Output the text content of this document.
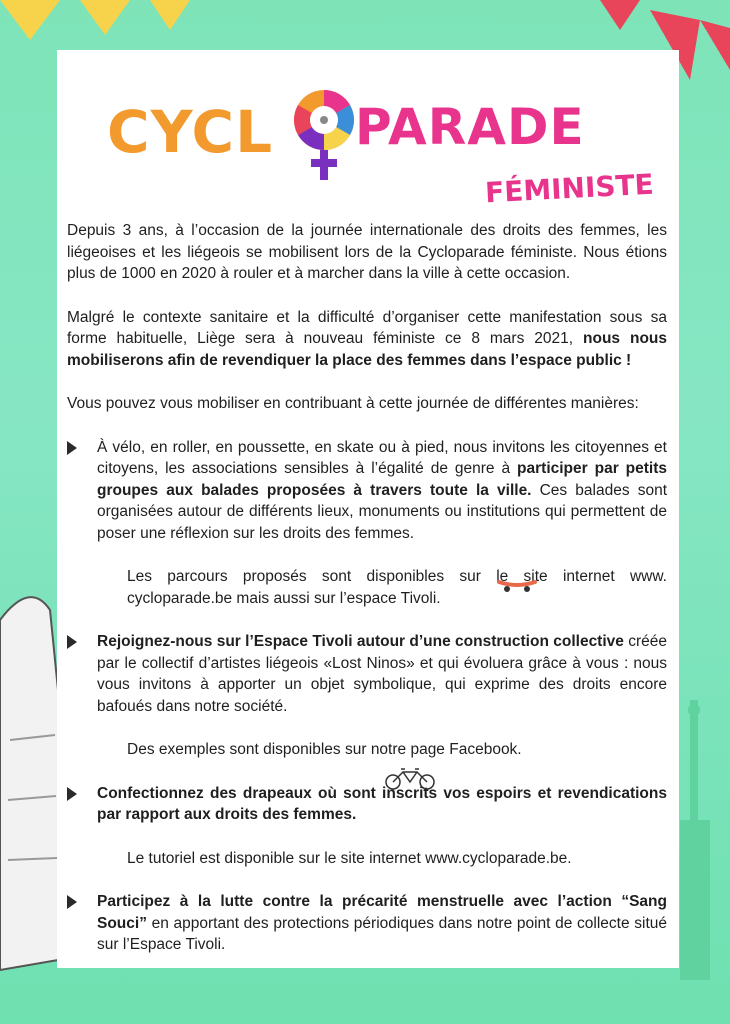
CYCL PARADE
FÉMINISTE

Depuis 3 ans, à l’occasion de la journée internationale des droits des femmes, les liégeoises et les liégeois se mobilisent lors de la Cycloparade féministe. Nous étions plus de 1000 en 2020 à rouler et à marcher dans la ville à cette occasion.

Malgré le contexte sanitaire et la difficulté d’organiser cette manifestation sous sa forme habituelle, Liège sera à nouveau féministe ce 8 mars 2021, nous nous mobiliserons afin de revendiquer la place des femmes dans l’espace public !

Vous pouvez vous mobiliser en contribuant à cette journée de différentes manières:

À vélo, en roller, en poussette, en skate ou à pied, nous invitons les citoyennes et citoyens, les associations sensibles à l’égalité de genre à participer par petits groupes aux balades proposées à travers toute la ville. Ces balades sont organisées autour de différents lieux, monuments ou institutions qui permettent de poser une réflexion sur les droits des femmes.

Les parcours proposés sont disponibles sur le site internet www. cycloparade.be mais aussi sur l’espace Tivoli.

Rejoignez-nous sur l’Espace Tivoli autour d’une construction collective créée par le collectif d’artistes liégeois «Lost Ninos» et qui évoluera grâce à vous : nous vous invitons à apporter un objet symbolique, qui exprime des droits encore bafoués dans notre société.

Des exemples sont disponibles sur notre page Facebook.

Confectionnez des drapeaux où sont inscrits vos espoirs et revendications par rapport aux droits des femmes.

Le tutoriel est disponible sur le site internet www.cycloparade.be.

Participez à la lutte contre la précarité menstruelle avec l’action “Sang Souci” en apportant des protections périodiques dans notre point de collecte situé sur l’Espace Tivoli.
